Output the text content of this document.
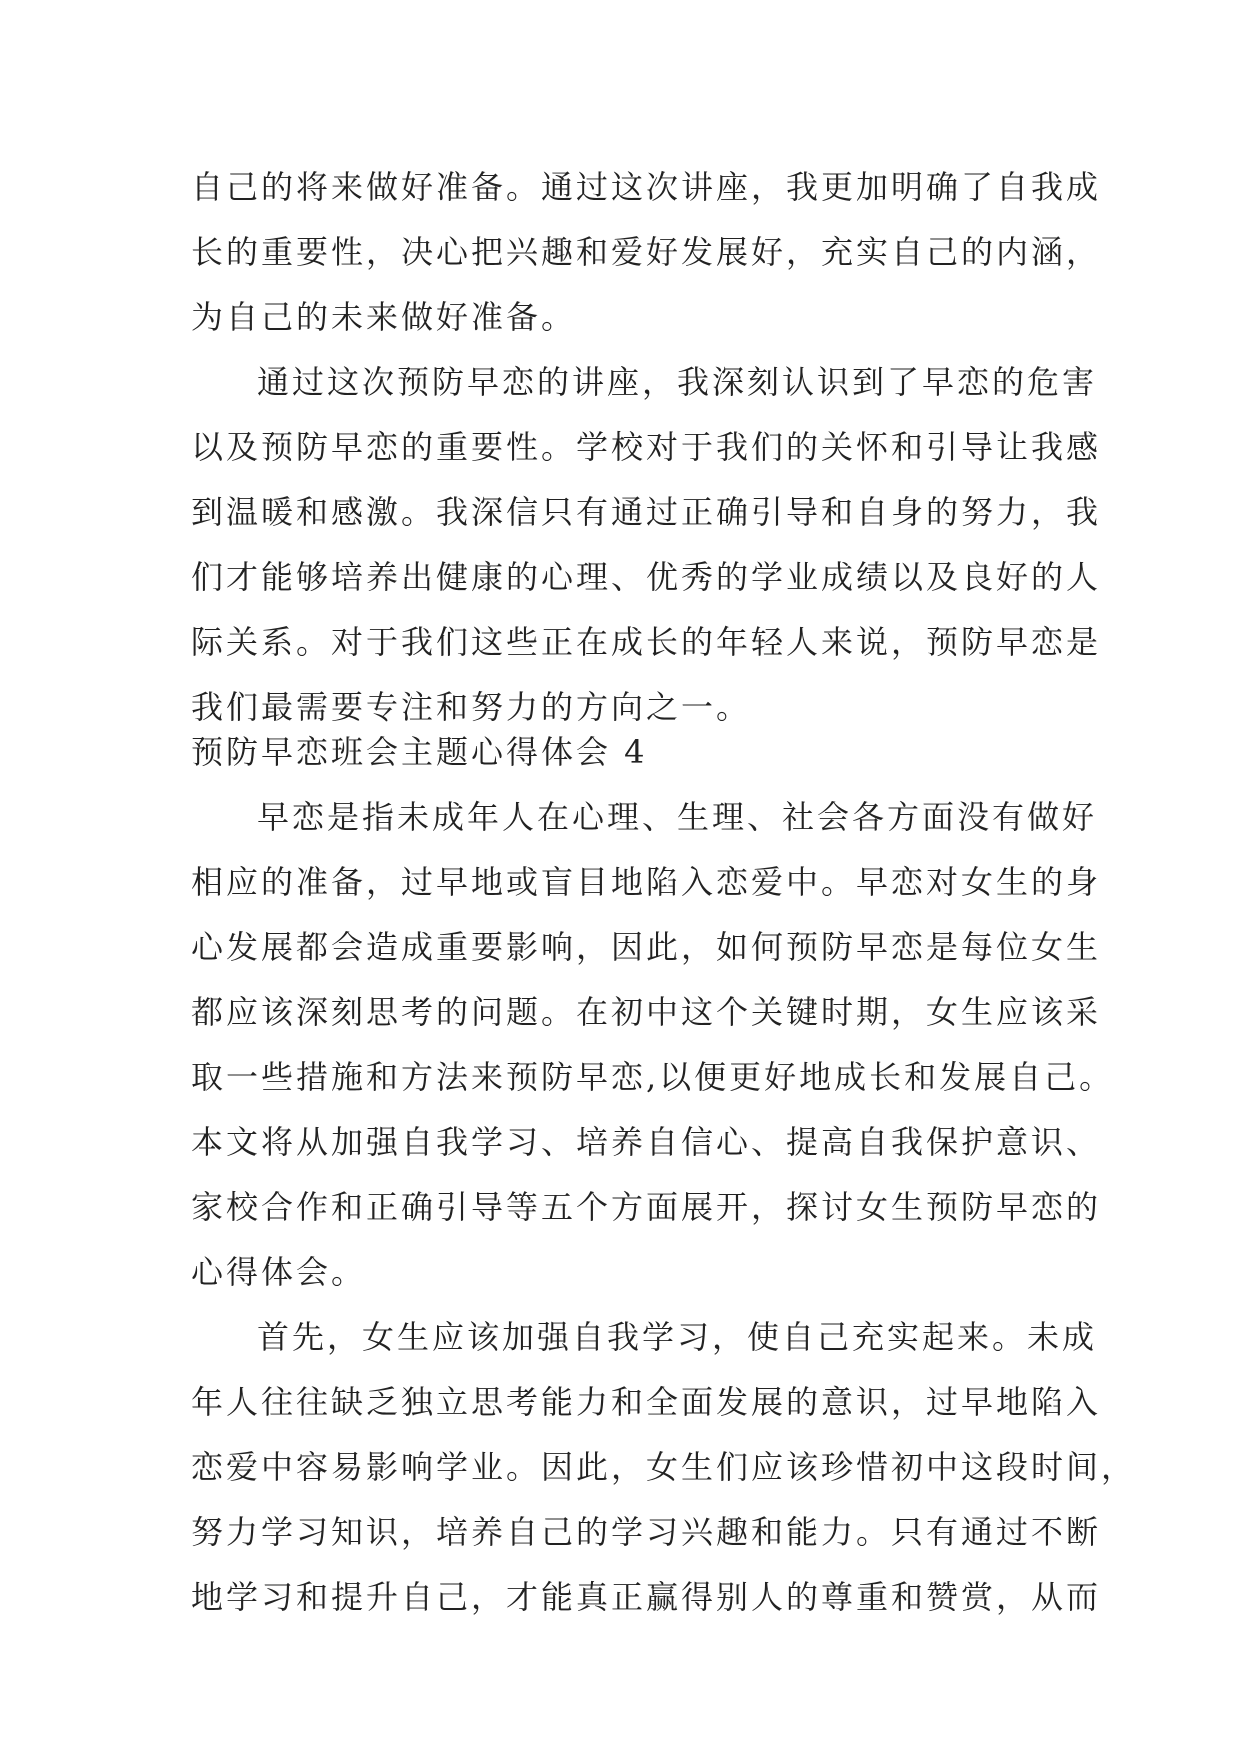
自己的将来做好准备。通过这次讲座，我更加明确了自我成
长的重要性，决心把兴趣和爱好发展好，充实自己的内涵，
为自己的未来做好准备。
通过这次预防早恋的讲座，我深刻认识到了早恋的危害
以及预防早恋的重要性。学校对于我们的关怀和引导让我感
到温暖和感激。我深信只有通过正确引导和自身的努力，我
们才能够培养出健康的心理、优秀的学业成绩以及良好的人
际关系。对于我们这些正在成长的年轻人来说，预防早恋是
我们最需要专注和努力的方向之一。
预防早恋班会主题心得体会 4
早恋是指未成年人在心理、生理、社会各方面没有做好
相应的准备，过早地或盲目地陷入恋爱中。早恋对女生的身
心发展都会造成重要影响，因此，如何预防早恋是每位女生
都应该深刻思考的问题。在初中这个关键时期，女生应该采
取一些措施和方法来预防早恋,以便更好地成长和发展自己。
本文将从加强自我学习、培养自信心、提高自我保护意识、
家校合作和正确引导等五个方面展开，探讨女生预防早恋的
心得体会。
首先，女生应该加强自我学习，使自己充实起来。未成
年人往往缺乏独立思考能力和全面发展的意识，过早地陷入
恋爱中容易影响学业。因此，女生们应该珍惜初中这段时间，
努力学习知识，培养自己的学习兴趣和能力。只有通过不断
地学习和提升自己，才能真正赢得别人的尊重和赞赏，从而
